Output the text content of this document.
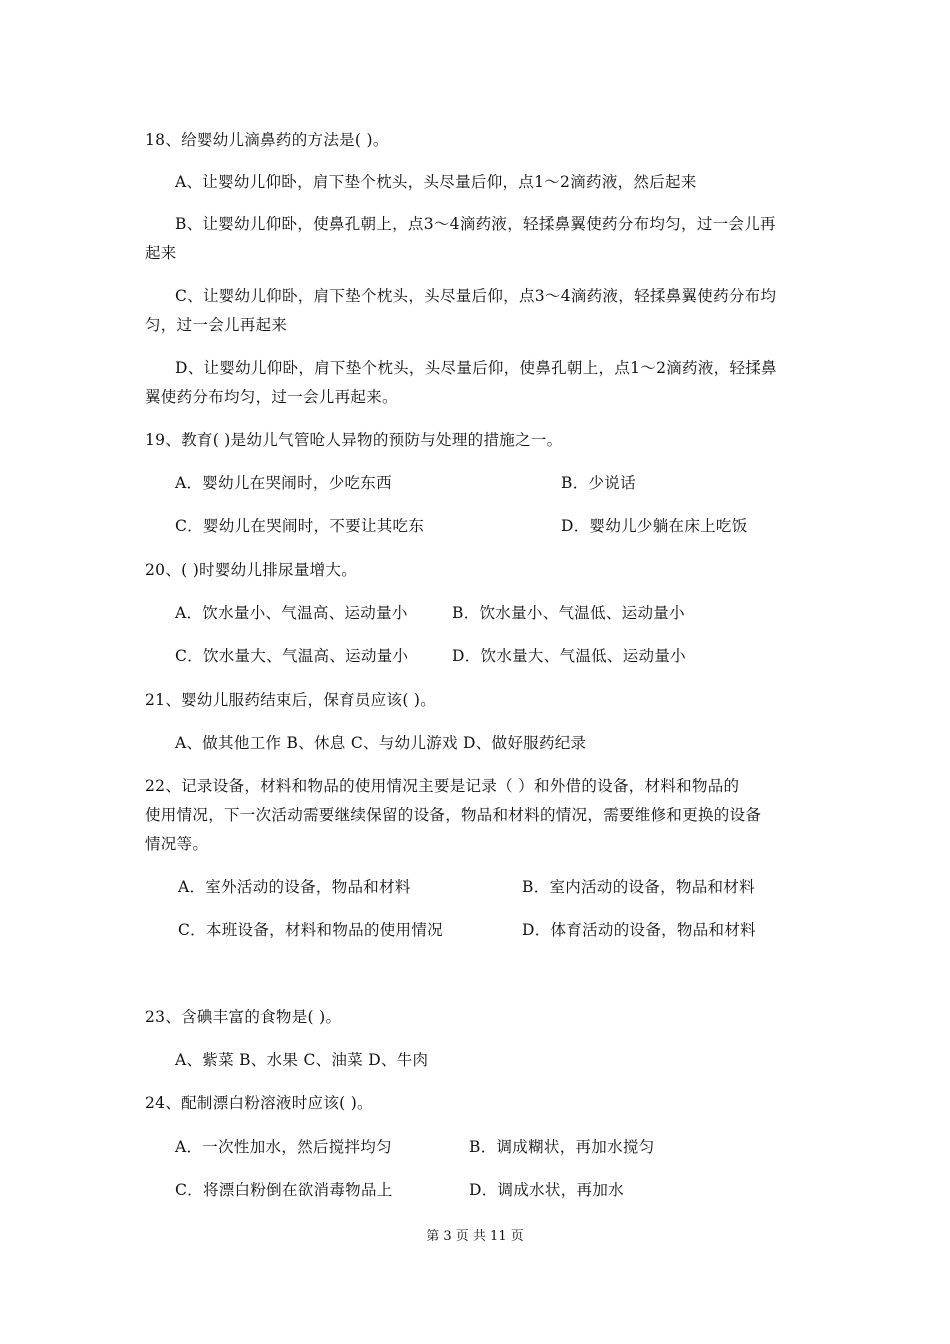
18、给婴幼儿滴鼻药的方法是( )。
A、让婴幼儿仰卧，肩下垫个枕头，头尽量后仰，点1～2滴药液，然后起来
B、让婴幼儿仰卧，使鼻孔朝上，点3～4滴药液，轻揉鼻翼使药分布均匀，过一会儿再
起来
C、让婴幼儿仰卧，肩下垫个枕头，头尽量后仰，点3～4滴药液，轻揉鼻翼使药分布均
匀，过一会儿再起来
D、让婴幼儿仰卧，肩下垫个枕头，头尽量后仰，使鼻孔朝上，点1～2滴药液，轻揉鼻
翼使药分布均匀，过一会儿再起来。
19、教育( )是幼儿气管呛人异物的预防与处理的措施之一。
A．婴幼儿在哭闹时，少吃东西	B．少说话
C．婴幼儿在哭闹时，不要让其吃东	D．婴幼儿少躺在床上吃饭
20、( )时婴幼儿排尿量增大。
A．饮水量小、气温高、运动量小	B．饮水量小、气温低、运动量小
C．饮水量大、气温高、运动量小	D．饮水量大、气温低、运动量小
21、婴幼儿服药结束后，保育员应该( )。
A、做其他工作 B、休息 C、与幼儿游戏 D、做好服药纪录
22、记录设备，材料和物品的使用情况主要是记录（ ）和外借的设备，材料和物品的
使用情况，下一次活动需要继续保留的设备，物品和材料的情况，需要维修和更换的设备
情况等。
A．室外活动的设备，物品和材料	B．室内活动的设备，物品和材料
C．本班设备，材料和物品的使用情况	D．体育活动的设备，物品和材料
23、含碘丰富的食物是( )。
A、紫菜 B、水果 C、油菜 D、牛肉
24、配制漂白粉溶液时应该( )。
A．一次性加水，然后搅拌均匀	B．调成糊状，再加水搅匀
C．将漂白粉倒在欲消毒物品上	D．调成水状，再加水
第 3 页 共 11 页
